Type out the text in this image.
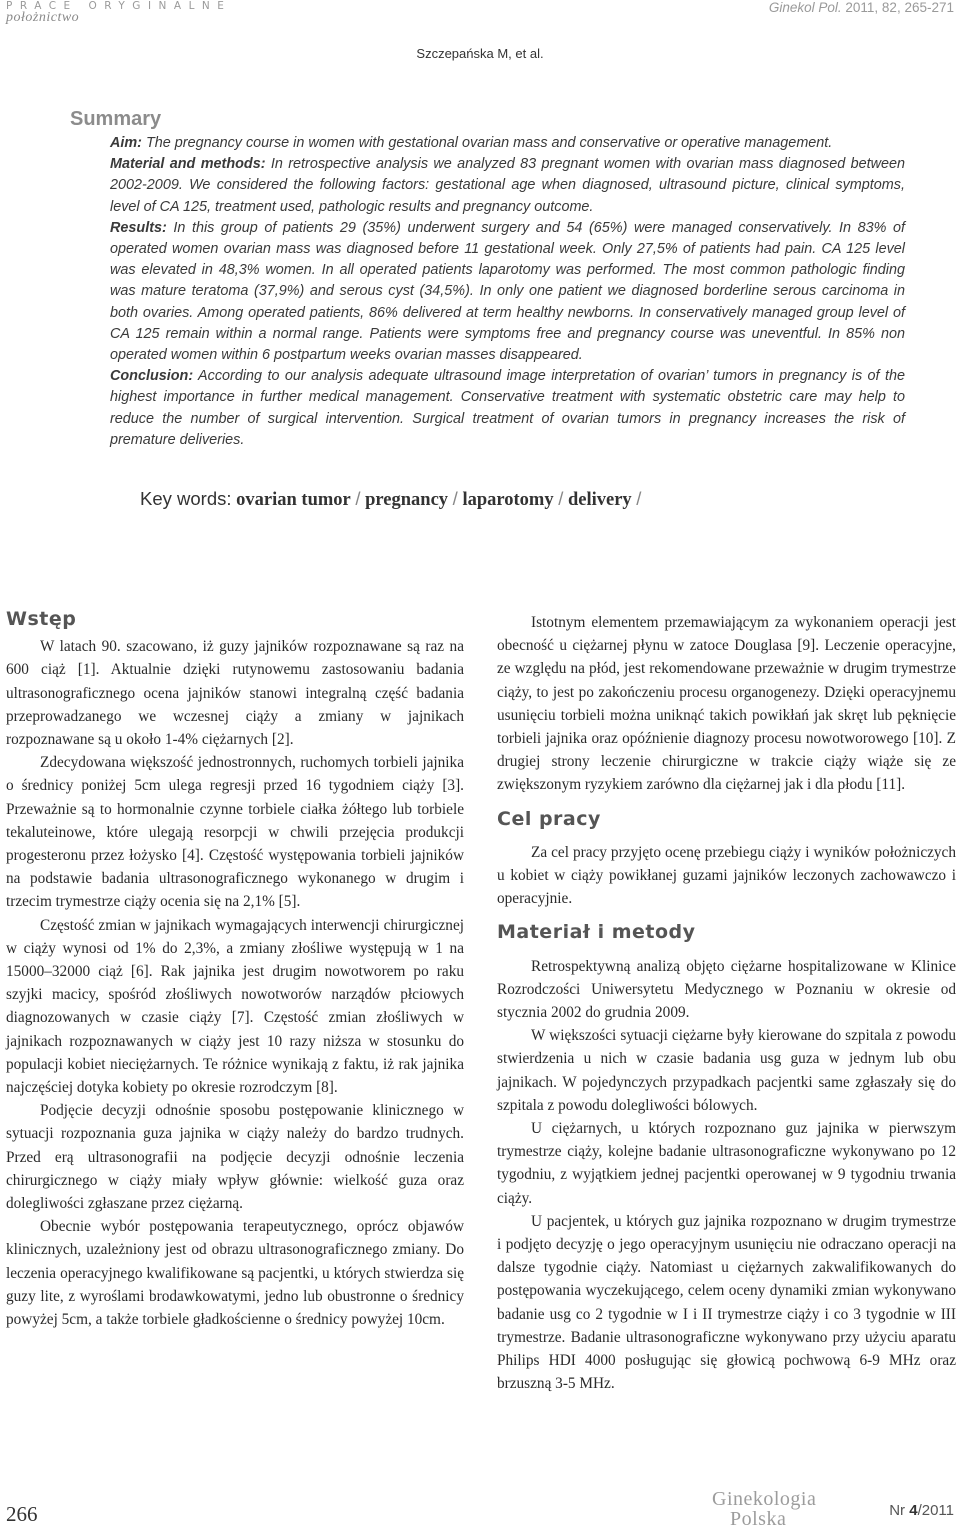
PRACE ORYGINALNE
położnictwo
Ginekol Pol. 2011, 82, 265-271
Szczepańska M, et al.
Summary

Aim: The pregnancy course in women with gestational ovarian mass and conservative or operative management.

Material and methods: In retrospective analysis we analyzed 83 pregnant women with ovarian mass diagnosed between 2002-2009. We considered the following factors: gestational age when diagnosed, ultrasound picture, clinical symptoms, level of CA 125, treatment used, pathologic results and pregnancy outcome.

Results: In this group of patients 29 (35%) underwent surgery and 54 (65%) were managed conservatively. In 83% of operated women ovarian mass was diagnosed before 11 gestational week. Only 27,5% of patients had pain. CA 125 level was elevated in 48,3% women. In all operated patients laparotomy was performed. The most common pathologic finding was mature teratoma (37,9%) and serous cyst (34,5%). In only one patient we diagnosed borderline serous carcinoma in both ovaries. Among operated patients, 86% delivered at term healthy newborns. In conservatively managed group level of CA 125 remain within a normal range. Patients were symptoms free and pregnancy course was uneventful. In 85% non operated women within 6 postpartum weeks ovarian masses disappeared.

Conclusion: According to our analysis adequate ultrasound image interpretation of ovarian’ tumors in pregnancy is of the highest importance in further medical management. Conservative treatment with systematic obstetric care may help to reduce the number of surgical intervention. Surgical treatment of ovarian tumors in pregnancy increases the risk of premature deliveries.

Key words: ovarian tumor / pregnancy / laparotomy / delivery /
Wstęp

W latach 90. szacowano, iż guzy jajników rozpoznawane są raz na 600 ciąż [1]. Aktualnie dzięki rutynowemu zastosowaniu badania ultrasonograficznego ocena jajników stanowi integralną część badania przeprowadzanego we wczesnej ciąży a zmiany w jajnikach rozpoznawane są u około 1-4% ciężarnych [2].

Zdecydowana większość jednostronnych, ruchomych torbieli jajnika o średnicy poniżej 5cm ulega regresji przed 16 tygodniem ciąży [3]. Przeważnie są to hormonalnie czynne torbiele ciałka żółtego lub torbiele tekaluteinowe, które ulegają resorpcji w chwili przejęcia produkcji progesteronu przez łożysko [4]. Częstość występowania torbieli jajników na podstawie badania ultrasonograficznego wykonanego w drugim i trzecim trymestrze ciąży ocenia się na 2,1% [5].

Częstość zmian w jajnikach wymagających interwencji chirurgicznej w ciąży wynosi od 1% do 2,3%, a zmiany złośliwe występują w 1 na 15000–32000 ciąż [6]. Rak jajnika jest drugim nowotworem po raku szyjki macicy, spośród złośliwych nowotworów narządów płciowych diagnozowanych w czasie ciąży [7]. Częstość zmian złośliwych w jajnikach rozpoznawanych w ciąży jest 10 razy niższa w stosunku do populacji kobiet nieciężarnych. Te różnice wynikają z faktu, iż rak jajnika najczęściej dotyka kobiety po okresie rozrodczym [8].

Podjęcie decyzji odnośnie sposobu postępowanie klinicznego w sytuacji rozpoznania guza jajnika w ciąży należy do bardzo trudnych. Przed erą ultrasonografii na podjęcie decyzji odnośnie leczenia chirurgicznego w ciąży miały wpływ głównie: wielkość guza oraz dolegliwości zgłaszane przez ciężarną.

Obecnie wybór postępowania terapeutycznego, oprócz objawów klinicznych, uzależniony jest od obrazu ultrasonograficznego zmiany. Do leczenia operacyjnego kwalifikowane są pacjentki, u których stwierdza się guzy lite, z wyroślami brodawkowatymi, jedno lub obustronne o średnicy powyżej 5cm, a także torbiele gładkościenne o średnicy powyżej 10cm.

Istotnym elementem przemawiającym za wykonaniem operacji jest obecność u ciężarnej płynu w zatoce Douglasa [9]. Leczenie operacyjne, ze względu na płód, jest rekomendowane przeważnie w drugim trymestrze ciąży, to jest po zakończeniu procesu organogenezy. Dzięki operacyjnemu usunięciu torbieli można uniknąć takich powikłań jak skręt lub pęknięcie torbieli jajnika oraz opóźnienie diagnozy procesu nowotworowego [10]. Z drugiej strony leczenie chirurgiczne w trakcie ciąży wiąże się ze zwiększonym ryzykiem zarówno dla ciężarnej jak i dla płodu [11].

Cel pracy

Za cel pracy przyjęto ocenę przebiegu ciąży i wyników położniczych u kobiet w ciąży powikłanej guzami jajników leczonych zachowawczo i operacyjnie.

Materiał i metody

Retrospektywną analizą objęto ciężarne hospitalizowane w Klinice Rozrodczości Uniwersytetu Medycznego w Poznaniu w okresie od stycznia 2002 do grudnia 2009.

W większości sytuacji ciężarne były kierowane do szpitala z powodu stwierdzenia u nich w czasie badania usg guza w jednym lub obu jajnikach. W pojedynczych przypadkach pacjentki same zgłaszały się do szpitala z powodu dolegliwości bólowych.

U ciężarnych, u których rozpoznano guz jajnika w pierwszym trymestrze ciąży, kolejne badanie ultrasonograficzne wykonywano po 12 tygodniu, z wyjątkiem jednej pacjentki operowanej w 9 tygodniu trwania ciąży.

U pacjentek, u których guz jajnika rozpoznano w drugim trymestrze i podjęto decyzję o jego operacyjnym usunięciu nie odraczano operacji na dalsze tygodnie ciąży. Natomiast u ciężarnych zakwalifikowanych do postępowania wyczekującego, celem oceny dynamiki zmian wykonywano badanie usg co 2 tygodnie w I i II trymestrze ciąży i co 3 tygodnie w III trymestrze. Badanie ultrasonograficzne wykonywano przy użyciu aparatu Philips HDI 4000 posługując się głowicą pochwową 6-9 MHz oraz brzuszną 3-5 MHz.

266
Ginekologia
Polska	Nr 4/2011
